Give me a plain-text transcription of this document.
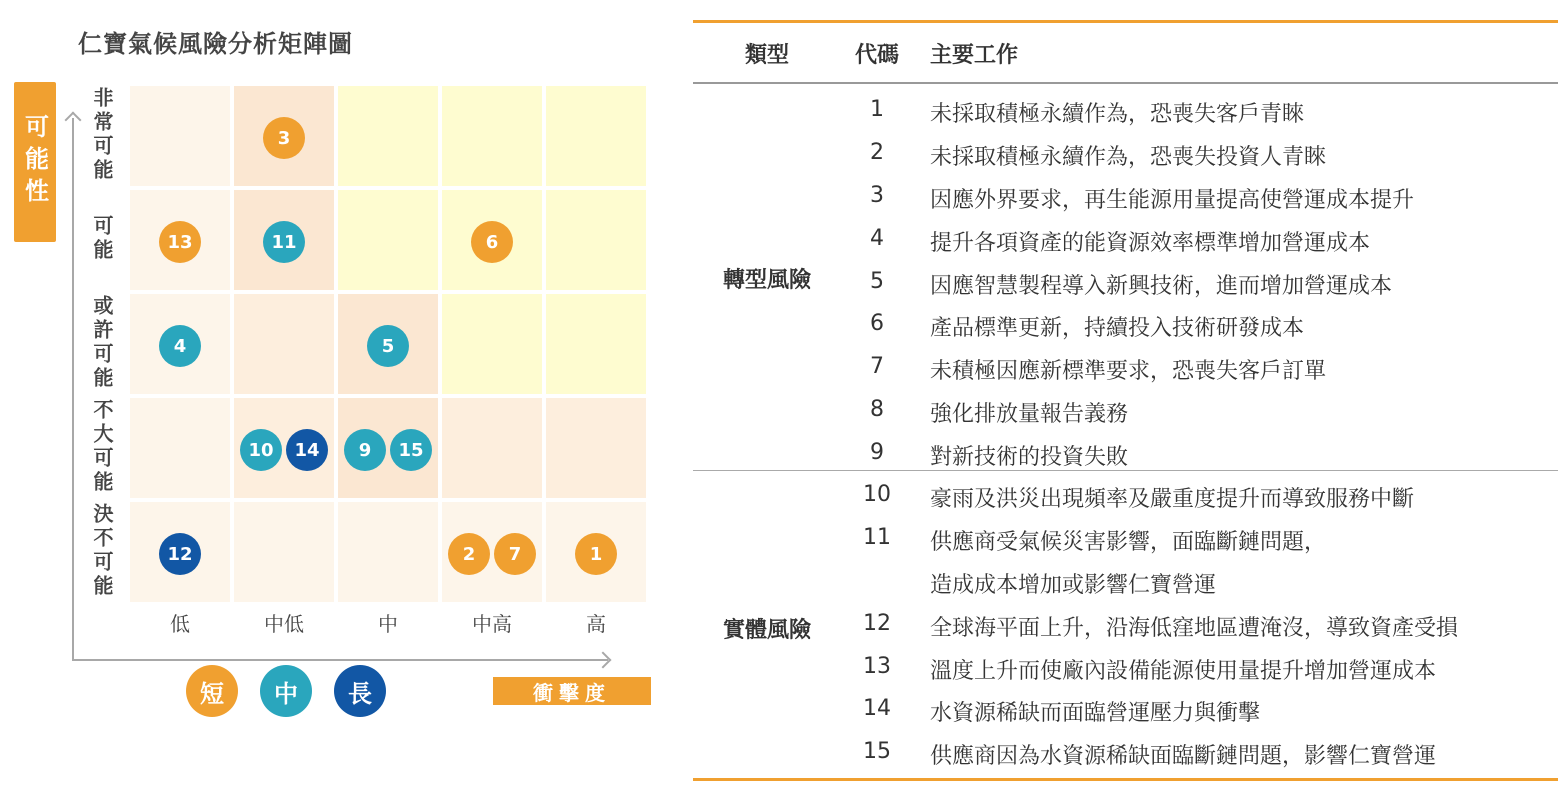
仁寶氣候風險分析矩陣圖
可能性 非常可能
可能
或許可能
不大可能
決不可能
3
13	11	6
4	5
10	14	9	15
12	2	7	1
低	中低	中	中高	高
短	中	長	衝擊度
類型	代碼	主要工作
轉型風險
1	未採取積極永續作為，恐喪失客戶青睞
2	未採取積極永續作為，恐喪失投資人青睞
3	因應外界要求，再生能源用量提高使營運成本提升
4	提升各項資產的能資源效率標準增加營運成本
5	因應智慧製程導入新興技術，進而增加營運成本
6	產品標準更新，持續投入技術研發成本
7	未積極因應新標準要求，恐喪失客戶訂單
8	強化排放量報告義務
9	對新技術的投資失敗
實體風險
10	豪雨及洪災出現頻率及嚴重度提升而導致服務中斷
11	供應商受氣候災害影響，面臨斷鏈問題，
造成成本增加或影響仁寶營運
12	全球海平面上升，沿海低窪地區遭淹沒，導致資產受損
13	溫度上升而使廠內設備能源使用量提升增加營運成本
14	水資源稀缺而面臨營運壓力與衝擊
15	供應商因為水資源稀缺面臨斷鏈問題，影響仁寶營運
